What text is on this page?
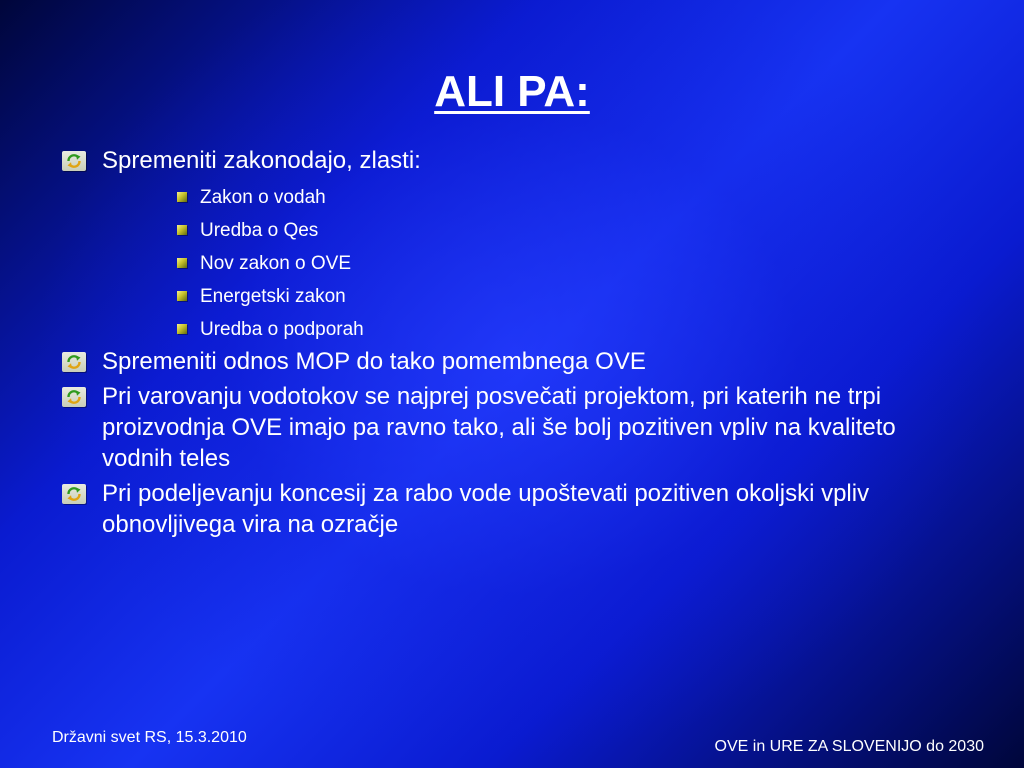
ALI PA:
Spremeniti zakonodajo, zlasti:
Zakon o vodah
Uredba o Qes
Nov zakon o OVE
Energetski zakon
Uredba o podporah
Spremeniti odnos MOP do tako pomembnega OVE
Pri varovanju vodotokov se najprej posvečati projektom, pri katerih ne trpi proizvodnja OVE imajo pa ravno tako, ali še bolj pozitiven vpliv na kvaliteto vodnih teles
Pri podeljevanju koncesij za rabo vode upoštevati pozitiven okoljski vpliv obnovljivega vira na ozračje
Državni svet RS, 15.3.2010
OVE in URE ZA SLOVENIJO do 2030
